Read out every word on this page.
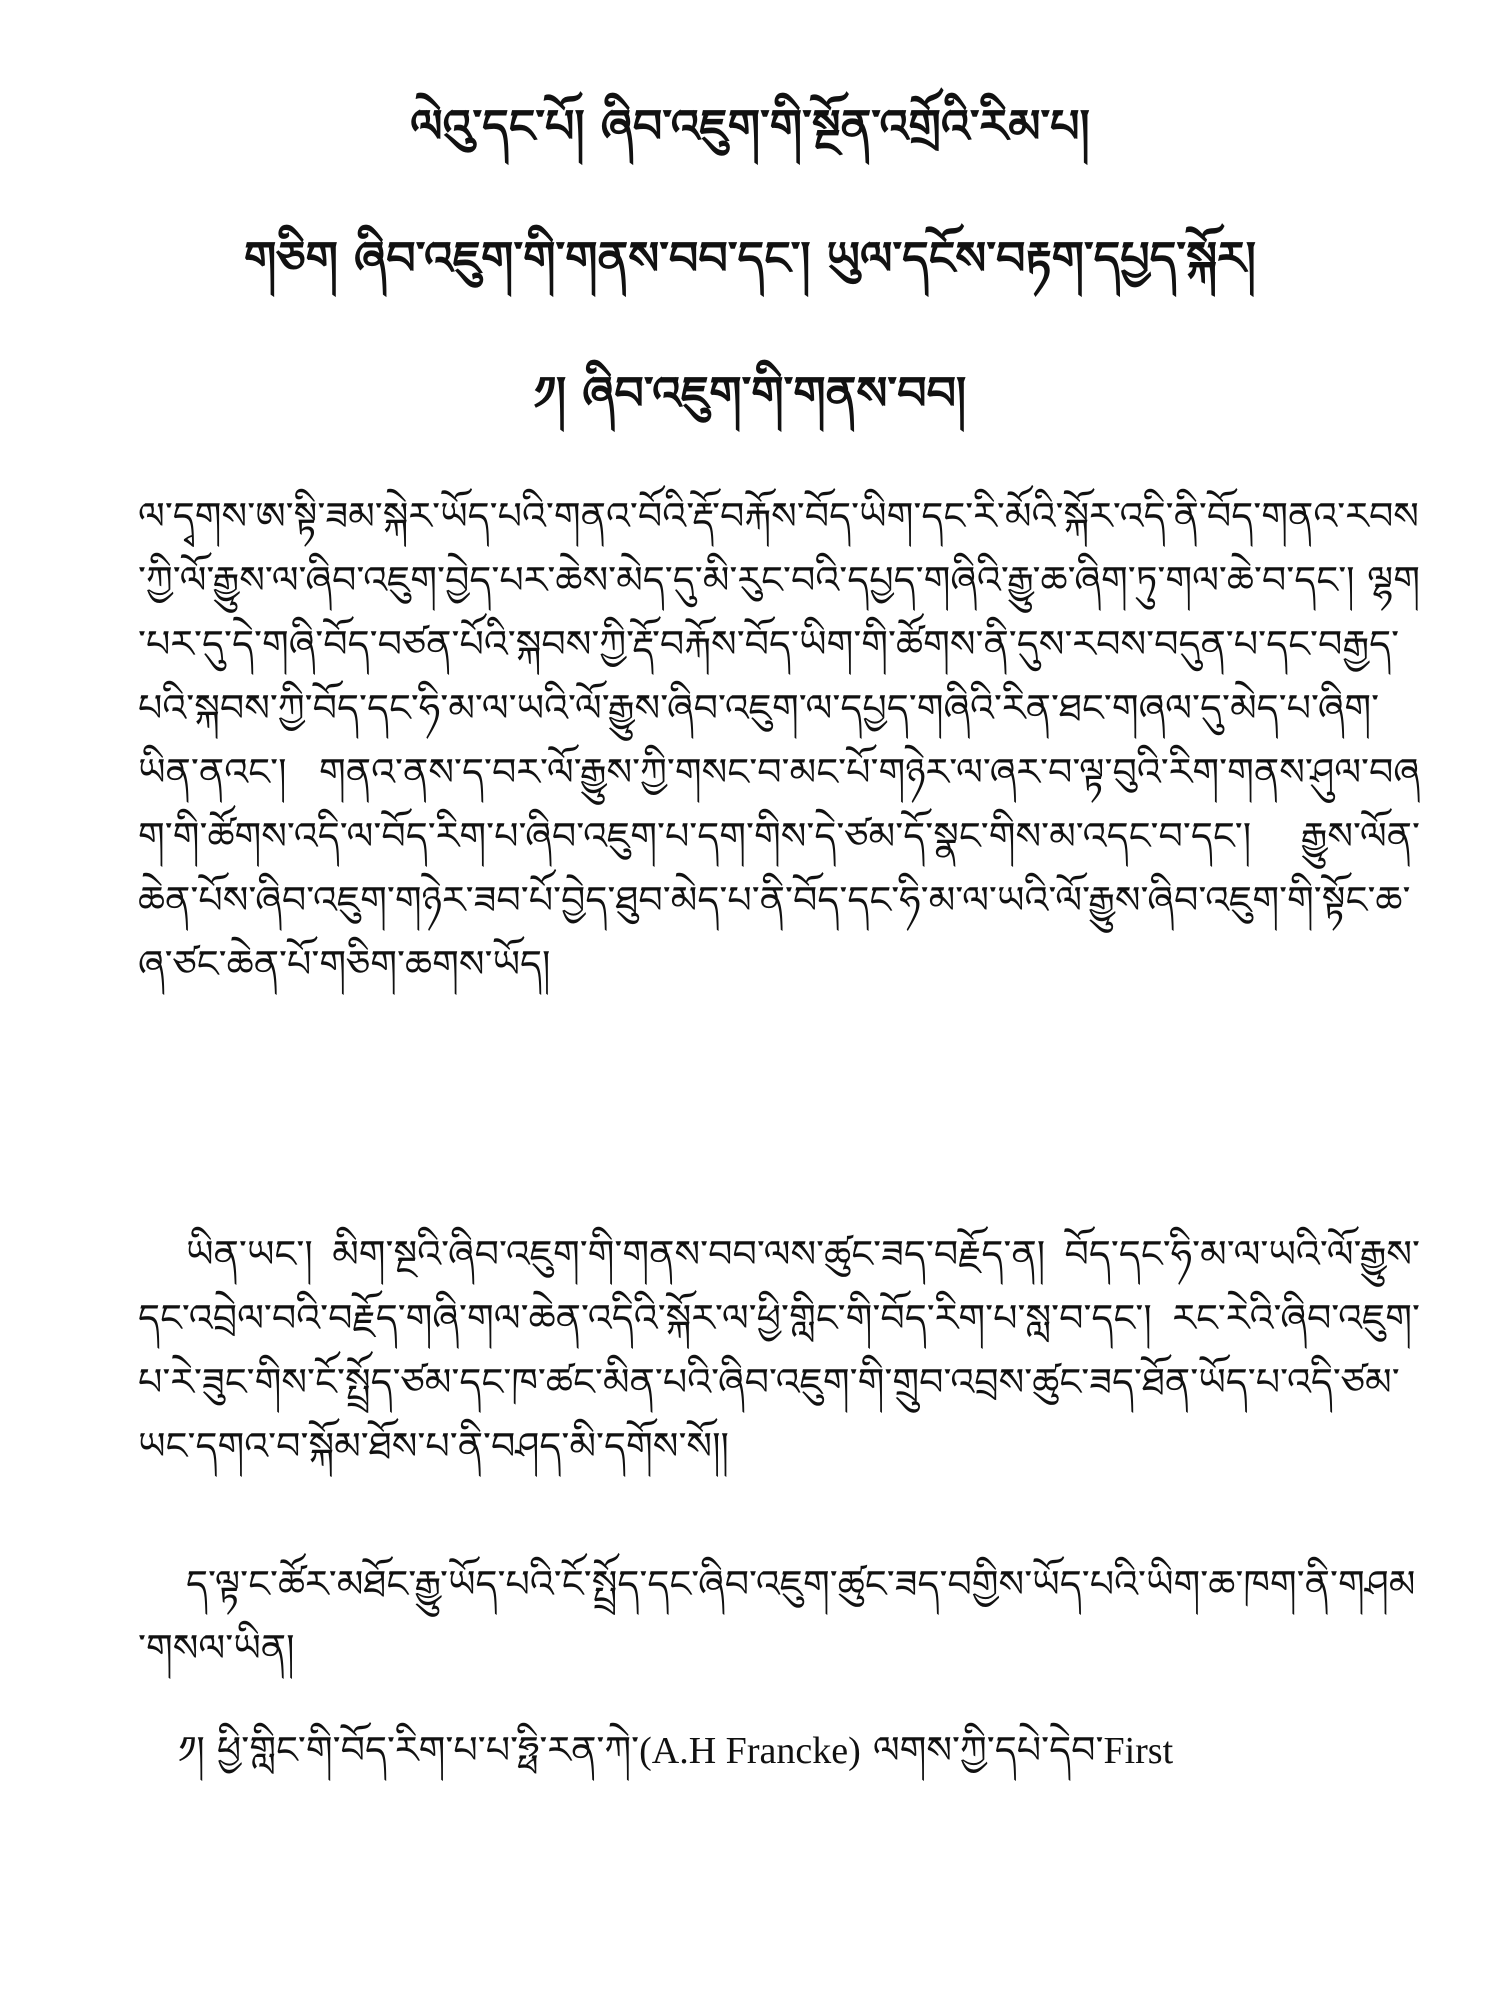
ལེའུ་དང་པོ། ཞིབ་འཇུག་གི་སྔོན་འགྲོའི་རིམ་པ།
གཅིག ཞིབ་འཇུག་གི་གནས་བབ་དང་། ཡུལ་དངོས་བརྟག་དཔྱད་སྐོར།
༡། ཞིབ་འཇུག་གི་གནས་བབ།

ལ་དྭགས་ཨ་སྟི་ཟམ་སྐེར་ཡོད་པའི་གནའ་བོའི་རྡོ་བརྐོས་བོད་ཡིག་དང་རི་མོའི་སྐོར་འདི་ནི་བོད་གནའ་རབས་ཀྱི་ལོ་རྒྱུས་ལ་ཞིབ་འཇུག་བྱེད་པར་ཆེས་མེད་དུ་མི་རུང་བའི་དཔྱད་གཞིའི་རྒྱུ་ཆ་ཞིག་ཏུ་གལ་ཆེ་བ་དང་། ལྷག་པར་དུ་དེ་གཞི་བོད་བཙན་པོའི་སྐབས་ཀྱི་རྡོ་བརྐོས་བོད་ཡིག་གི་ཚོགས་ནི་དུས་རབས་བདུན་པ་དང་བརྒྱད་པའི་སྐབས་ཀྱི་བོད་དང་ཧི་མ་ལ་ཡའི་ལོ་རྒྱུས་ཞིབ་འཇུག་ལ་དཔྱད་གཞིའི་རིན་ཐང་གཞལ་དུ་མེད་པ་ཞིག་ཡིན་ནའང་། གནའ་ནས་ད་བར་ལོ་རྒྱུས་ཀྱི་གསང་བ་མང་པོ་གཉེར་ལ་ཞར་བ་ལྟ་བུའི་རིག་གནས་ཤུལ་བཞག་གི་ཚོགས་འདི་ལ་བོད་རིག་པ་ཞིབ་འཇུག་པ་དག་གིས་དེ་ཙམ་དོ་སྣང་གིས་མ་འདང་བ་དང་། རྒྱུས་ལོན་ཆེན་པོས་ཞིབ་འཇུག་གཉེར་ཟབ་པོ་བྱེད་ཐུབ་མེད་པ་ནི་བོད་དང་ཧི་མ་ལ་ཡའི་ལོ་རྒྱུས་ཞིབ་འཇུག་གི་སྟོང་ཆ་ཞ་ཙང་ཆེན་པོ་གཅིག་ཆགས་ཡོད།

ཡིན་ཡང་། མིག་སྔའི་ཞིབ་འཇུག་གི་གནས་བབ་ལས་ཚུང་ཟད་བརྗོད་ན། བོད་དང་ཧི་མ་ལ་ཡའི་ལོ་རྒྱུས་དང་འབྲེལ་བའི་བརྗོད་གཞི་གལ་ཆེན་འདིའི་སྐོར་ལ་ཕྱི་གླིང་གི་བོད་རིག་པ་སླ་བ་དང་། རང་རེའི་ཞིབ་འཇུག་པ་རེ་ཟུང་གིས་ངོ་སྤྲོད་ཙམ་དང་ཁ་ཚང་མིན་པའི་ཞིབ་འཇུག་གི་གྲུབ་འབྲས་ཚུང་ཟད་ཐོན་ཡོད་པ་འདི་ཙམ་ཡང་དགའ་བ་སྐོམ་ཐོས་པ་ནི་བཤད་མི་དགོས་སོ།།

ད་ལྟ་ང་ཚོར་མཐོང་རྒྱུ་ཡོད་པའི་ངོ་སྤྲོད་དང་ཞིབ་འཇུག་ཚུང་ཟད་བགྱིས་ཡོད་པའི་ཡིག་ཆ་ཁག་ནི་གཤམ་གསལ་ཡིན།

༡། ཕྱི་གླིང་གི་བོད་རིག་པ་པ་ཧྥི་རན་ཀེ་(A.H Francke) ལགས་ཀྱི་དཔེ་དེབ་First
